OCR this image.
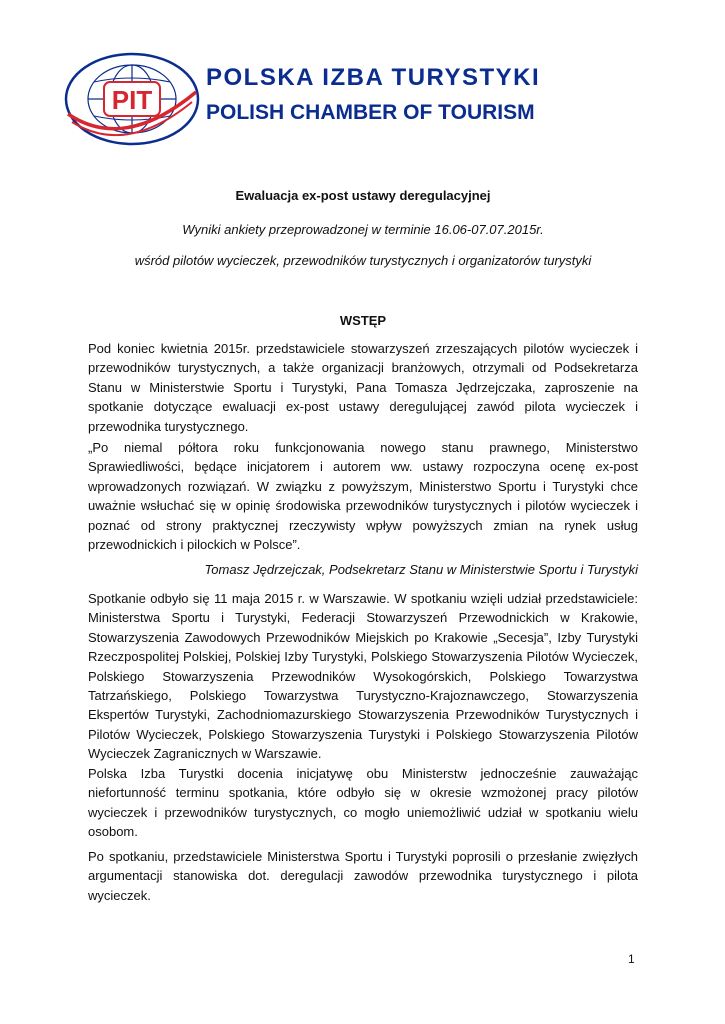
PIT
POLSKA IZBA TURYSTYKI
POLISH CHAMBER OF TOURISM
Ewaluacja ex-post ustawy deregulacyjnej
Wyniki ankiety przeprowadzonej w terminie 16.06-07.07.2015r.
wśród pilotów wycieczek, przewodników turystycznych i organizatorów turystyki
WSTĘP

Pod koniec kwietnia 2015r. przedstawiciele stowarzyszeń zrzeszających pilotów wycieczek i przewodników turystycznych, a także organizacji branżowych, otrzymali od Podsekretarza Stanu w Ministerstwie Sportu i Turystyki, Pana Tomasza Jędrzejczaka, zaproszenie na spotkanie dotyczące ewaluacji ex-post ustawy deregulującej zawód pilota wycieczek i przewodnika turystycznego.

„Po niemal półtora roku funkcjonowania nowego stanu prawnego, Ministerstwo Sprawiedliwości, będące inicjatorem i autorem ww. ustawy rozpoczyna ocenę ex-post wprowadzonych rozwiązań. W związku z powyższym, Ministerstwo Sportu i Turystyki chce uważnie wsłuchać się w opinię środowiska przewodników turystycznych i pilotów wycieczek i poznać od strony praktycznej rzeczywisty wpływ powyższych zmian na rynek usług przewodnickich i pilockich w Polsce”.

Tomasz Jędrzejczak, Podsekretarz Stanu w Ministerstwie Sportu i Turystyki

Spotkanie odbyło się 11 maja 2015 r. w Warszawie. W spotkaniu wzięli udział przedstawiciele: Ministerstwa Sportu i Turystyki, Federacji Stowarzyszeń Przewodnickich w Krakowie, Stowarzyszenia Zawodowych Przewodników Miejskich po Krakowie „Secesja”, Izby Turystyki Rzeczpospolitej Polskiej, Polskiej Izby Turystyki, Polskiego Stowarzyszenia Pilotów Wycieczek, Polskiego Stowarzyszenia Przewodników Wysokogórskich, Polskiego Towarzystwa Tatrzańskiego, Polskiego Towarzystwa Turystyczno-Krajoznawczego, Stowarzyszenia Ekspertów Turystyki, Zachodniomazurskiego Stowarzyszenia Przewodników Turystycznych i Pilotów Wycieczek, Polskiego Stowarzyszenia Turystyki i Polskiego Stowarzyszenia Pilotów Wycieczek Zagranicznych w Warszawie.

Polska Izba Turystki docenia inicjatywę obu Ministerstw jednocześnie zauważając niefortunność terminu spotkania, które odbyło się w okresie wzmożonej pracy pilotów wycieczek i przewodników turystycznych, co mogło uniemożliwić udział w spotkaniu wielu osobom.

Po spotkaniu, przedstawiciele Ministerstwa Sportu i Turystyki poprosili o przesłanie zwięzłych argumentacji stanowiska dot. deregulacji zawodów przewodnika turystycznego i pilota wycieczek.

1
